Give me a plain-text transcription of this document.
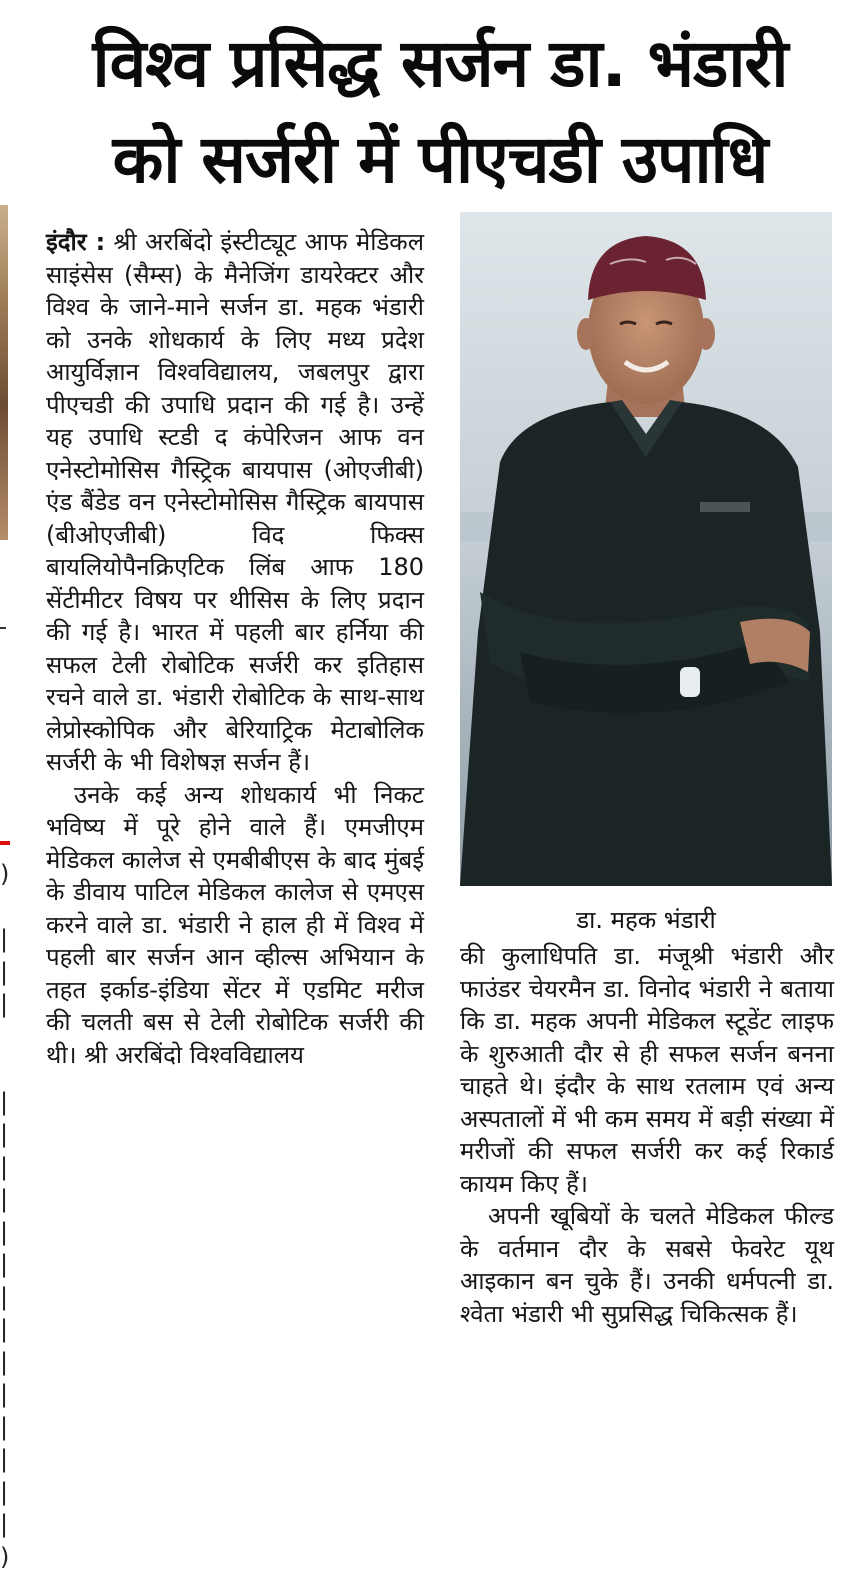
)

|
|
|

|
|
|
|
|
|
|
|
|
|
|
|
|
|
)
विश्व प्रसिद्ध सर्जन डा. भंडारी
को सर्जरी में पीएचडी उपाधि

इंदौर : श्री अरबिंदो इंस्टीट्यूट आफ मेडिकल साइंसेस (सैम्स) के मैनेजिंग डायरेक्टर और विश्व के जाने-माने सर्जन डा. महक भंडारी को उनके शोधकार्य के लिए मध्य प्रदेश आयुर्विज्ञान विश्वविद्यालय, जबलपुर द्वारा पीएचडी की उपाधि प्रदान की गई है। उन्हें यह उपाधि स्टडी द कंपेरिजन आफ वन एनेस्टोमोसिस गैस्ट्रिक बायपास (ओएजीबी) एंड बैंडेड वन एनेस्टोमोसिस गैस्ट्रिक बायपास (बीओएजीबी) विद फिक्स बायलियोपैनक्रिएटिक लिंब आफ 180 सेंटीमीटर विषय पर थीसिस के लिए प्रदान की गई है। भारत में पहली बार हर्निया की सफल टेली रोबोटिक सर्जरी कर इतिहास रचने वाले डा. भंडारी रोबोटिक के साथ-साथ लेप्रोस्कोपिक और बेरियाट्रिक मेटाबोलिक सर्जरी के भी विशेषज्ञ सर्जन हैं।

उनके कई अन्य शोधकार्य भी निकट भविष्य में पूरे होने वाले हैं। एमजीएम मेडिकल कालेज से एमबीबीएस के बाद मुंबई के डीवाय पाटिल मेडिकल कालेज से एमएस करने वाले डा. भंडारी ने हाल ही में विश्व में पहली बार सर्जन आन व्हील्स अभियान के तहत इर्काड-इंडिया सेंटर में एडमिट मरीज की चलती बस से टेली रोबोटिक सर्जरी की थी। श्री अरबिंदो विश्वविद्यालय

डा. महक भंडारी

की कुलाधिपति डा. मंजूश्री भंडारी और फाउंडर चेयरमैन डा. विनोद भंडारी ने बताया कि डा. महक अपनी मेडिकल स्टूडेंट लाइफ के शुरुआती दौर से ही सफल सर्जन बनना चाहते थे। इंदौर के साथ रतलाम एवं अन्य अस्पतालों में भी कम समय में बड़ी संख्या में मरीजों की सफल सर्जरी कर कई रिकार्ड कायम किए हैं।

अपनी खूबियों के चलते मेडिकल फील्ड के वर्तमान दौर के सबसे फेवरेट यूथ आइकान बन चुके हैं। उनकी धर्मपत्नी डा. श्वेता भंडारी भी सुप्रसिद्ध चिकित्सक हैं।
